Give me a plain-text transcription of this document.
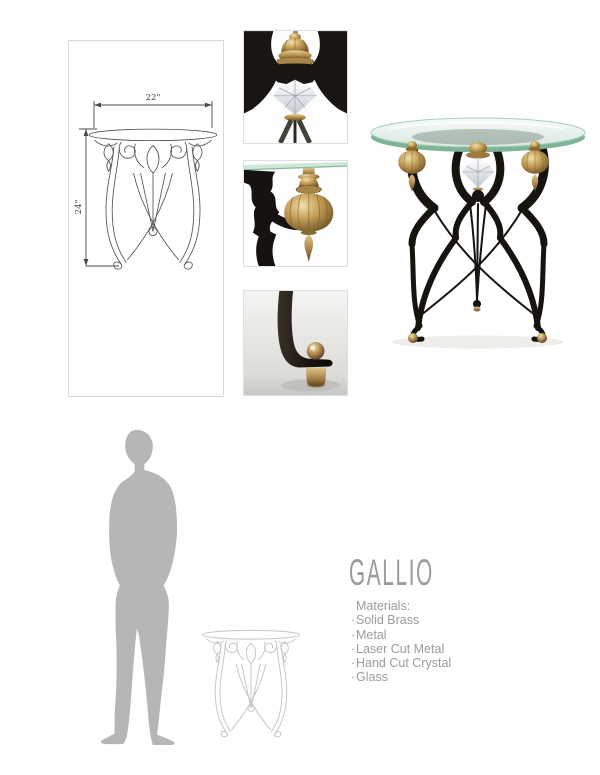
22"
24"
GALLIO
Materials:
·Solid Brass
·Metal
·Laser Cut Metal
·Hand Cut Crystal
·Glass
